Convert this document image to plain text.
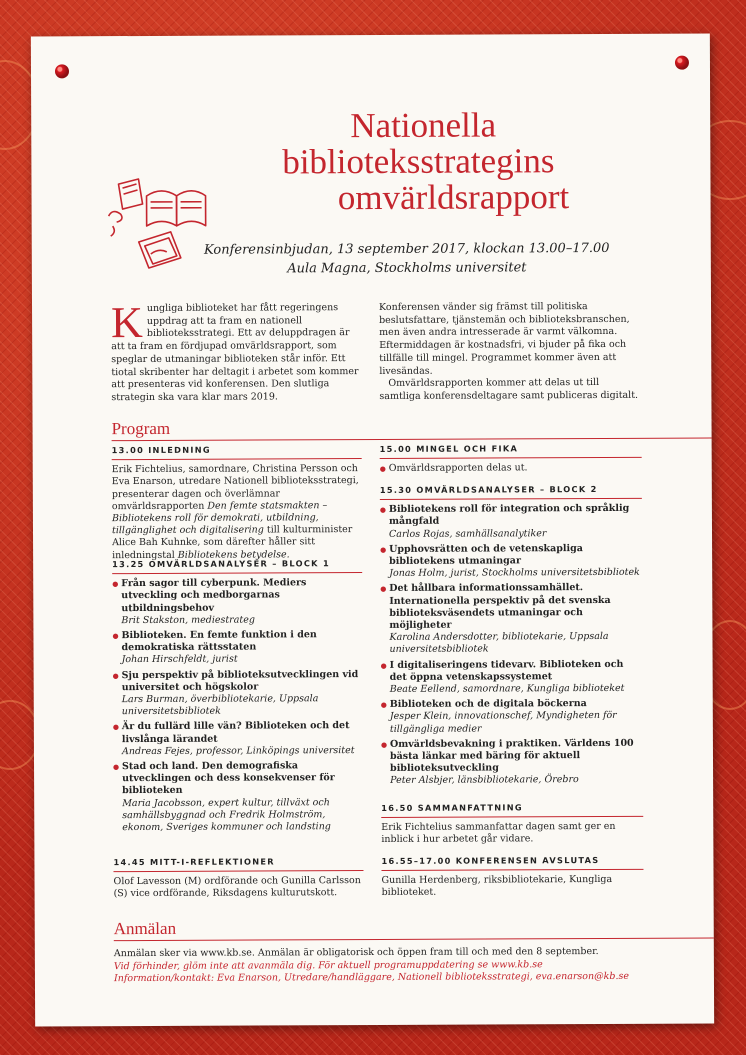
Nationella
biblioteksstrategins
omvärldsrapport
Konferensinbjudan, 13 september 2017, klockan 13.00–17.00
Aula Magna, Stockholms universitet
Kungliga biblioteket har fått regeringens uppdrag att ta fram en nationell biblioteksstrategi. Ett av deluppdragen är att ta fram en fördjupad omvärldsrapport, som speglar de utmaningar biblioteken står inför. Ett tiotal skribenter har deltagit i arbetet som kommer att presenteras vid konferensen. Den slutliga strategin ska vara klar mars 2019.

Konferensen vänder sig främst till politiska beslutsfattare, tjänstemän och biblioteksbranschen, men även andra intresserade är varmt välkomna. Eftermiddagen är kostnadsfri, vi bjuder på fika och tillfälle till mingel. Programmet kommer även att livesändas.

Omvärldsrapporten kommer att delas ut till samtliga konferensdeltagare samt publiceras digitalt.

Program
13.00 INLEDNING
Erik Fichtelius, samordnare, Christina Persson och Eva Enarson, utredare Nationell biblioteksstrategi, presenterar dagen och överlämnar omvärldsrapporten Den femte statsmakten – Bibliotekens roll för demokrati, utbildning, tillgänglighet och digitalisering till kulturminister Alice Bah Kuhnke, som därefter håller sitt inledningstal Bibliotekens betydelse.
13.25 OMVÄRLDSANALYSER – BLOCK 1
● Från sagor till cyberpunk. Mediers utveckling och medborgarnas utbildningsbehov
Brit Stakston, mediestrateg
● Biblioteken. En femte funktion i den demokratiska rättsstaten
Johan Hirschfeldt, jurist
● Sju perspektiv på biblioteksutvecklingen vid universitet och högskolor
Lars Burman, överbibliotekarie, Uppsala universitetsbibliotek
● Är du fullärd lille vän? Biblioteken och det livslånga lärandet
Andreas Fejes, professor, Linköpings universitet
● Stad och land. Den demografiska utvecklingen och dess konsekvenser för biblioteken
Maria Jacobsson, expert kultur, tillväxt och samhällsbyggnad och Fredrik Holmström, ekonom, Sveriges kommuner och landsting
14.45 MITT-I-REFLEKTIONER
Olof Lavesson (M) ordförande och Gunilla Carlsson (S) vice ordförande, Riksdagens kulturutskott.
15.00 MINGEL OCH FIKA
● Omvärldsrapporten delas ut.
15.30 OMVÄRLDSANALYSER – BLOCK 2
● Bibliotekens roll för integration och språklig mångfald
Carlos Rojas, samhällsanalytiker
● Upphovsrätten och de vetenskapliga bibliotekens utmaningar
Jonas Holm, jurist, Stockholms universitetsbibliotek
● Det hållbara informationssamhället. Internationella perspektiv på det svenska biblioteksväsendets utmaningar och möjligheter
Karolina Andersdotter, bibliotekarie, Uppsala universitetsbibliotek
● I digitaliseringens tidevarv. Biblioteken och det öppna vetenskapssystemet
Beate Eellend, samordnare, Kungliga biblioteket
● Biblioteken och de digitala böckerna
Jesper Klein, innovationschef, Myndigheten för tillgängliga medier
● Omvärldsbevakning i praktiken. Världens 100 bästa länkar med bäring för aktuell biblioteksutveckling
Peter Alsbjer, länsbibliotekarie, Örebro
16.50 SAMMANFATTNING
Erik Fichtelius sammanfattar dagen samt ger en inblick i hur arbetet går vidare.
16.55–17.00 KONFERENSEN AVSLUTAS
Gunilla Herdenberg, riksbibliotekarie, Kungliga biblioteket.
Anmälan
Anmälan sker via www.kb.se. Anmälan är obligatorisk och öppen fram till och med den 8 september.
Vid förhinder, glöm inte att avanmäla dig. För aktuell programuppdatering se www.kb.se
Information/kontakt: Eva Enarson, Utredare/handläggare, Nationell biblioteksstrategi, eva.enarson@kb.se
